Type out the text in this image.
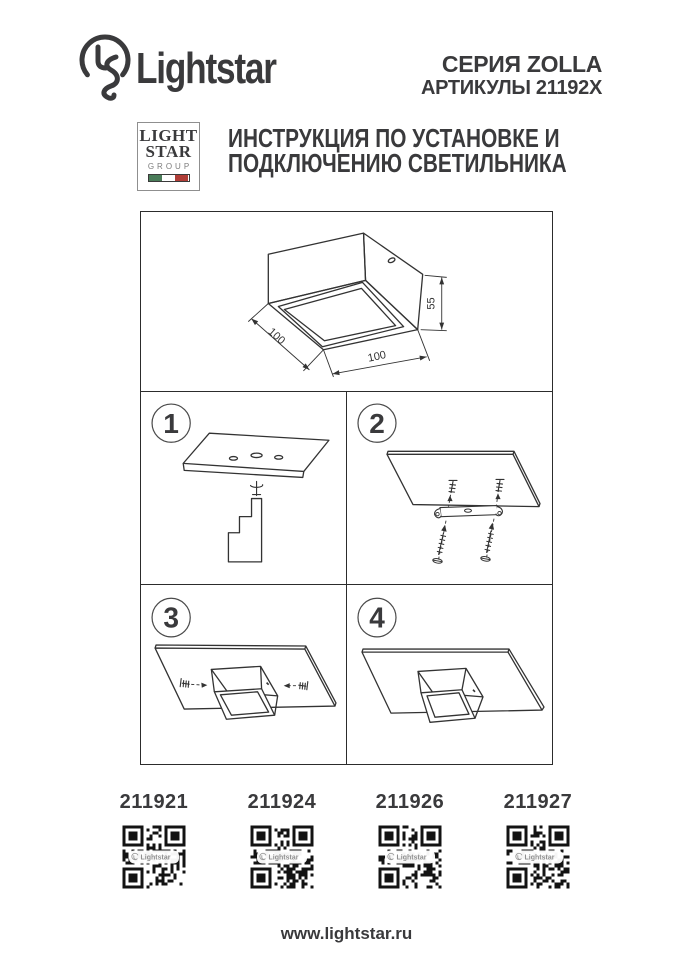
Lightstar	СЕРИЯ ZOLLA
АРТИКУЛЫ 21192X
LIGHT
STAR
GROUP
ИНСТРУКЦИЯ ПО УСТАНОВКЕ И
ПОДКЛЮЧЕНИЮ СВЕТИЛЬНИКА
100
100
55
1	2
3	4
211921	211924	211926	211927
www.lightstar.ru
